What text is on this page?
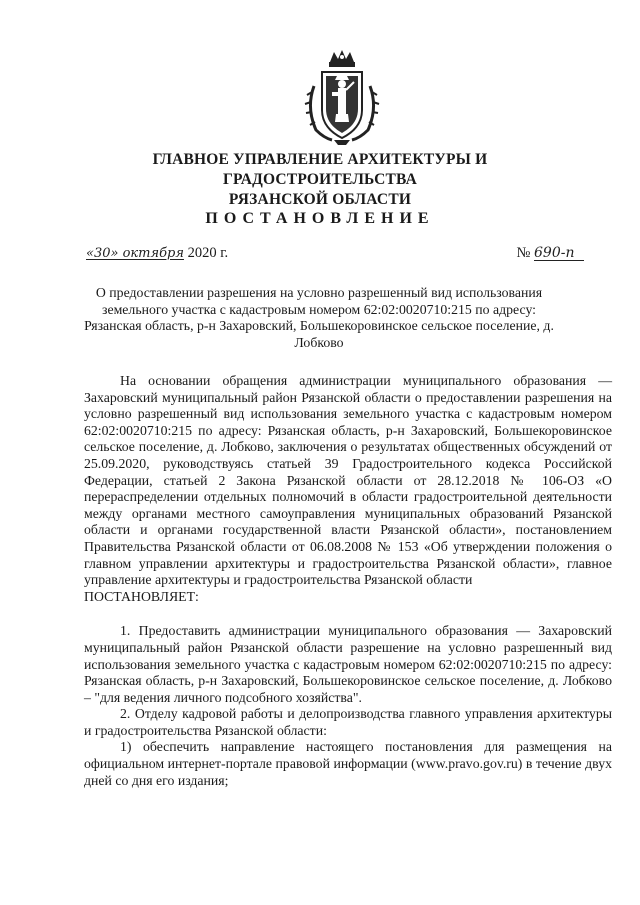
ГЛАВНОЕ УПРАВЛЕНИЕ АРХИТЕКТУРЫ И ГРАДОСТРОИТЕЛЬСТВА
РЯЗАНСКОЙ ОБЛАСТИ
ПОСТАНОВЛЕНИЕ
«30» октября 2020 г.	№ 690-п
О предоставлении разрешения на условно разрешенный вид использования земельного участка с кадастровым номером 62:02:0020710:215 по адресу: Рязанская область, р-н Захаровский, Большекоровинское сельское поселение, д. Лобково

На основании обращения администрации муниципального образования — Захаровский муниципальный район Рязанской области о предоставлении разрешения на условно разрешенный вид использования земельного участка с кадастровым номером 62:02:0020710:215 по адресу: Рязанская область, р-н Захаровский, Большекоровинское сельское поселение, д. Лобково, заключения о результатах общественных обсуждений от 25.09.2020, руководствуясь статьей 39 Градостроительного кодекса Российской Федерации, статьей 2 Закона Рязанской области от 28.12.2018 № 106-ОЗ «О перераспределении отдельных полномочий в области градостроительной деятельности между органами местного самоуправления муниципальных образований Рязанской области и органами государственной власти Рязанской области», постановлением Правительства Рязанской области от 06.08.2008 № 153 «Об утверждении положения о главном управлении архитектуры и градостроительства Рязанской области», главное управление архитектуры и градостроительства Рязанской области

ПОСТАНОВЛЯЕТ:

1. Предоставить администрации муниципального образования — Захаровский муниципальный район Рязанской области разрешение на условно разрешенный вид использования земельного участка с кадастровым номером 62:02:0020710:215 по адресу: Рязанская область, р-н Захаровский, Большекоровинское сельское поселение, д. Лобково – "для ведения личного подсобного хозяйства".

2. Отделу кадровой работы и делопроизводства главного управления архитектуры и градостроительства Рязанской области:

1) обеспечить направление настоящего постановления для размещения на официальном интернет-портале правовой информации (www.pravo.gov.ru) в течение двух дней со дня его издания;
